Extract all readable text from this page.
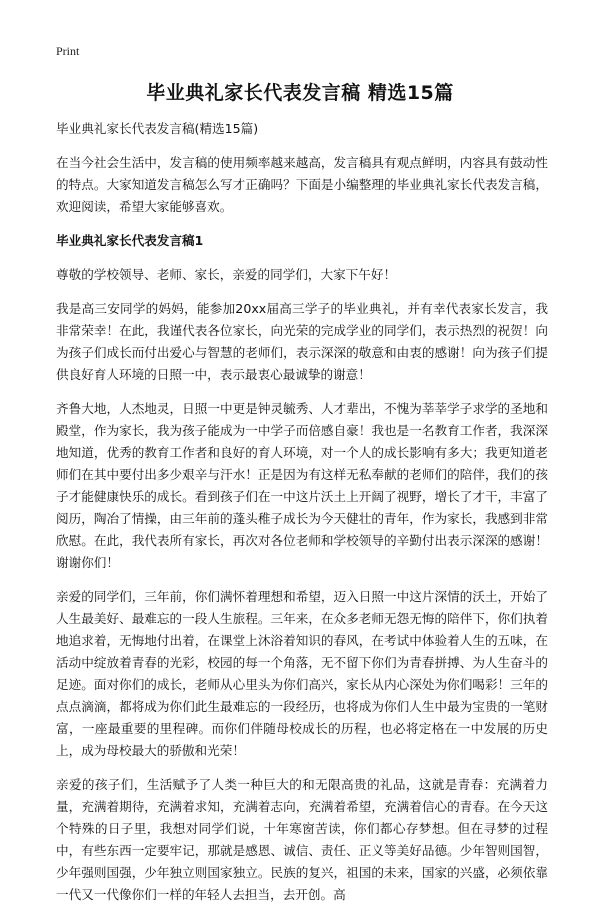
Print
毕业典礼家长代表发言稿 精选15篇

毕业典礼家长代表发言稿(精选15篇)

在当今社会生活中，发言稿的使用频率越来越高，发言稿具有观点鲜明，内容具有鼓动性的特点。大家知道发言稿怎么写才正确吗？下面是小编整理的毕业典礼家长代表发言稿，欢迎阅读，希望大家能够喜欢。

毕业典礼家长代表发言稿1

尊敬的学校领导、老师、家长，亲爱的同学们，大家下午好！

我是高三安同学的妈妈，能参加20xx届高三学子的毕业典礼，并有幸代表家长发言，我非常荣幸！在此，我谨代表各位家长，向光荣的完成学业的同学们，表示热烈的祝贺！向为孩子们成长而付出爱心与智慧的老师们，表示深深的敬意和由衷的感谢！向为孩子们提供良好育人环境的日照一中，表示最衷心最诚挚的谢意！

齐鲁大地，人杰地灵，日照一中更是钟灵毓秀、人才辈出，不愧为莘莘学子求学的圣地和殿堂，作为家长，我为孩子能成为一中学子而倍感自豪！我也是一名教育工作者，我深深地知道，优秀的教育工作者和良好的育人环境，对一个人的成长影响有多大；我更知道老师们在其中要付出多少艰辛与汗水！正是因为有这样无私奉献的老师们的陪伴，我们的孩子才能健康快乐的成长。看到孩子们在一中这片沃土上开阔了视野，增长了才干，丰富了阅历，陶冶了情操，由三年前的蓬头稚子成长为今天健壮的青年，作为家长，我感到非常欣慰。在此，我代表所有家长，再次对各位老师和学校领导的辛勤付出表示深深的感谢！谢谢你们！

亲爱的同学们，三年前，你们满怀着理想和希望，迈入日照一中这片深情的沃土，开始了人生最美好、最难忘的一段人生旅程。三年来，在众多老师无怨无悔的陪伴下，你们执着地追求着，无悔地付出着，在课堂上沐浴着知识的春风，在考试中体验着人生的五味，在活动中绽放着青春的光彩，校园的每一个角落，无不留下你们为青春拼搏、为人生奋斗的足迹。面对你们的成长，老师从心里头为你们高兴，家长从内心深处为你们喝彩！三年的点点滴滴，都将成为你们此生最难忘的一段经历，也将成为你们人生中最为宝贵的一笔财富，一座最重要的里程碑。而你们伴随母校成长的历程，也必将定格在一中发展的历史上，成为母校最大的骄傲和光荣！

亲爱的孩子们，生活赋予了人类一种巨大的和无限高贵的礼品，这就是青春：充满着力量，充满着期待，充满着求知，充满着志向，充满着希望，充满着信心的青春。在今天这个特殊的日子里，我想对同学们说，十年寒窗苦读，你们都心存梦想。但在寻梦的过程中，有些东西一定要牢记，那就是感恩、诚信、责任、正义等美好品德。少年智则国智，少年强则国强，少年独立则国家独立。民族的复兴，祖国的未来，国家的兴盛，必须依靠一代又一代像你们一样的年轻人去担当，去开创。高
